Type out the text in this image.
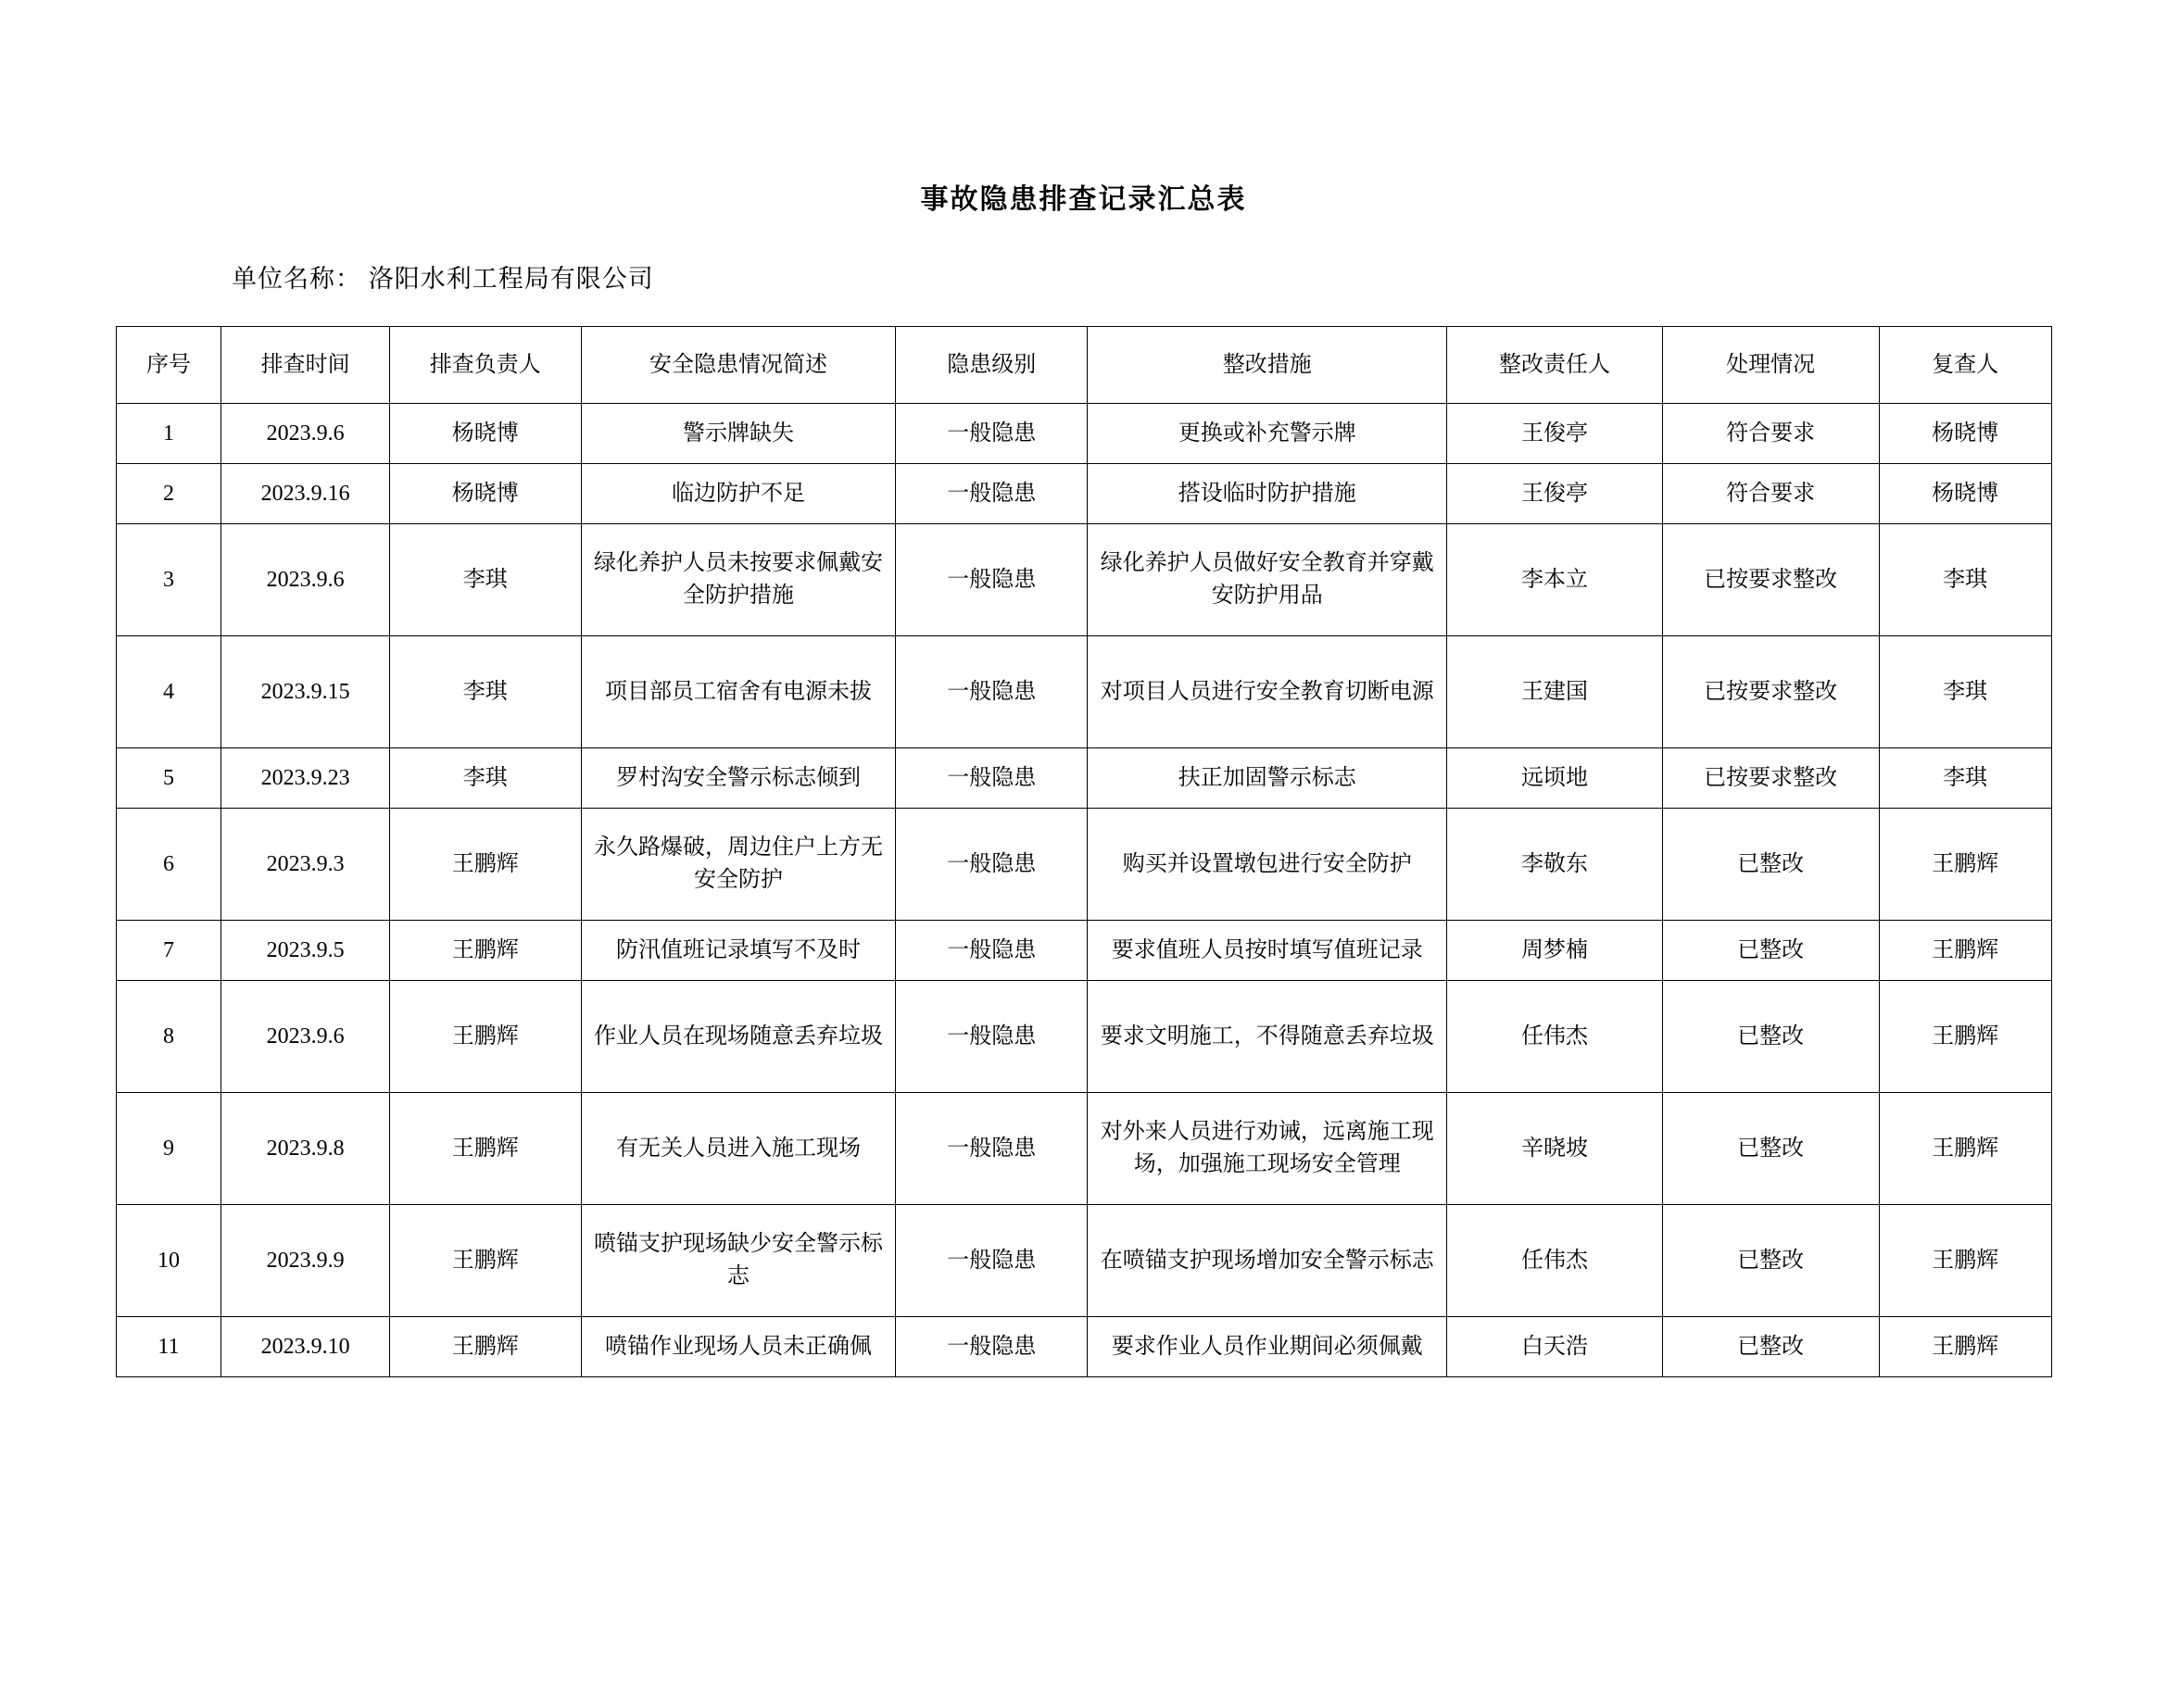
事故隐患排查记录汇总表
单位名称： 洛阳水利工程局有限公司
序号	排查时间	排查负责人	安全隐患情况简述	隐患级别	整改措施	整改责任人	处理情况	复查人
1	2023.9.6	杨晓博	警示牌缺失	一般隐患	更换或补充警示牌	王俊亭	符合要求	杨晓博
2	2023.9.16	杨晓博	临边防护不足	一般隐患	搭设临时防护措施	王俊亭	符合要求	杨晓博
3	2023.9.6	李琪	绿化养护人员未按要求佩戴安全防护措施	一般隐患	绿化养护人员做好安全教育并穿戴安防护用品	李本立	已按要求整改	李琪
4	2023.9.15	李琪	项目部员工宿舍有电源未拔	一般隐患	对项目人员进行安全教育切断电源	王建国	已按要求整改	李琪
5	2023.9.23	李琪	罗村沟安全警示标志倾到	一般隐患	扶正加固警示标志	远顷地	已按要求整改	李琪
6	2023.9.3	王鹏辉	永久路爆破，周边住户上方无安全防护	一般隐患	购买并设置墩包进行安全防护	李敬东	已整改	王鹏辉
7	2023.9.5	王鹏辉	防汛值班记录填写不及时	一般隐患	要求值班人员按时填写值班记录	周梦楠	已整改	王鹏辉
8	2023.9.6	王鹏辉	作业人员在现场随意丢弃垃圾	一般隐患	要求文明施工，不得随意丢弃垃圾	任伟杰	已整改	王鹏辉
9	2023.9.8	王鹏辉	有无关人员进入施工现场	一般隐患	对外来人员进行劝诫，远离施工现场，加强施工现场安全管理	辛晓坡	已整改	王鹏辉
10	2023.9.9	王鹏辉	喷锚支护现场缺少安全警示标志	一般隐患	在喷锚支护现场增加安全警示标志	任伟杰	已整改	王鹏辉
11	2023.9.10	王鹏辉	喷锚作业现场人员未正确佩	一般隐患	要求作业人员作业期间必须佩戴	白天浩	已整改	王鹏辉
